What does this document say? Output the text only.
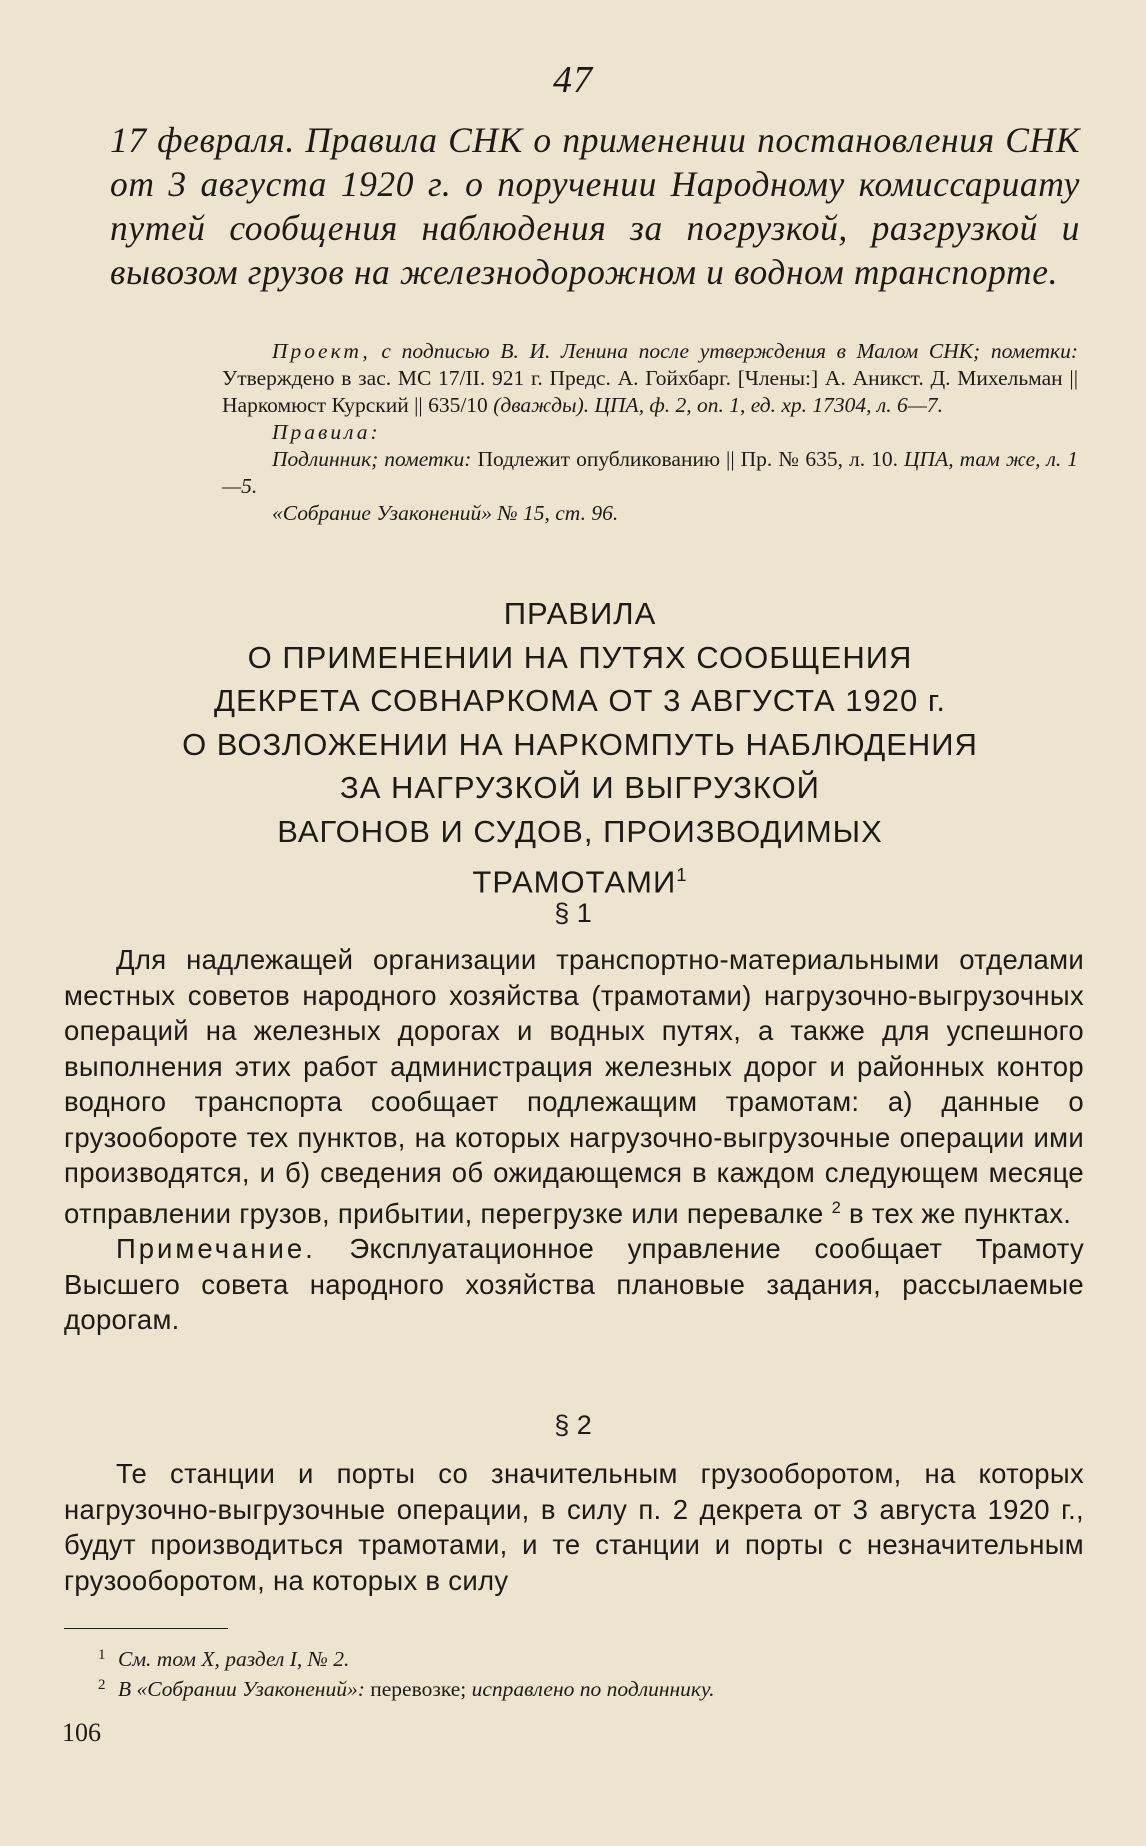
47
17 февраля. Правила СНК о применении постановления СНК от 3 августа 1920 г. о поручении Народному комиссариату путей сообщения наблюдения за погрузкой, разгрузкой и вывозом грузов на железнодорожном и водном транспорте.

Проект, с подписью В. И. Ленина после утверждения в Малом СНК; пометки: Утверждено в зас. МС 17/II. 921 г. Предс. А. Гойхбарг. [Члены:] А. Аникст. Д. Михельман || Наркомюст Курский || 635/10 (дважды). ЦПА, ф. 2, оп. 1, ед. хр. 17304, л. 6—7.

Правила:

Подлинник; пометки: Подлежит опубликованию || Пр. № 635, л. 10. ЦПА, там же, л. 1—5.

«Собрание Узаконений» № 15, ст. 96.

ПРАВИЛА
О ПРИМЕНЕНИИ НА ПУТЯХ СООБЩЕНИЯ
ДЕКРЕТА СОВНАРКОМА ОТ 3 АВГУСТА 1920 г.
О ВОЗЛОЖЕНИИ НА НАРКОМПУТЬ НАБЛЮДЕНИЯ
ЗА НАГРУЗКОЙ И ВЫГРУЗКОЙ
ВАГОНОВ И СУДОВ, ПРОИЗВОДИМЫХ
ТРАМОТАМИ$^1$
§ 1

Для надлежащей организации транспортно-материальными отделами местных советов народного хозяйства (трамотами) нагрузочно-выгрузочных операций на железных дорогах и водных путях, а также для успешного выполнения этих работ администрация железных дорог и районных контор водного транспорта сообщает подлежащим трамотам: а) данные о грузообороте тех пунктов, на которых нагрузочно-выгрузочные операции ими производятся, и б) сведения об ожидающемся в каждом следующем месяце отправлении грузов, прибытии, перегрузке или перевалке $^2$ в тех же пунктах.

Примечание. Эксплуатационное управление сообщает Трамоту Высшего совета народного хозяйства плановые задания, рассылаемые дорогам.

§ 2

Те станции и порты со значительным грузооборотом, на которых нагрузочно-выгрузочные операции, в силу п. 2 декрета от 3 августа 1920 г., будут производиться трамотами, и те станции и порты с незначительным грузооборотом, на которых в силу

1 См. том X, раздел I, № 2.
2 В «Собрании Узаконений»: перевозке; исправлено по подлиннику.
106
